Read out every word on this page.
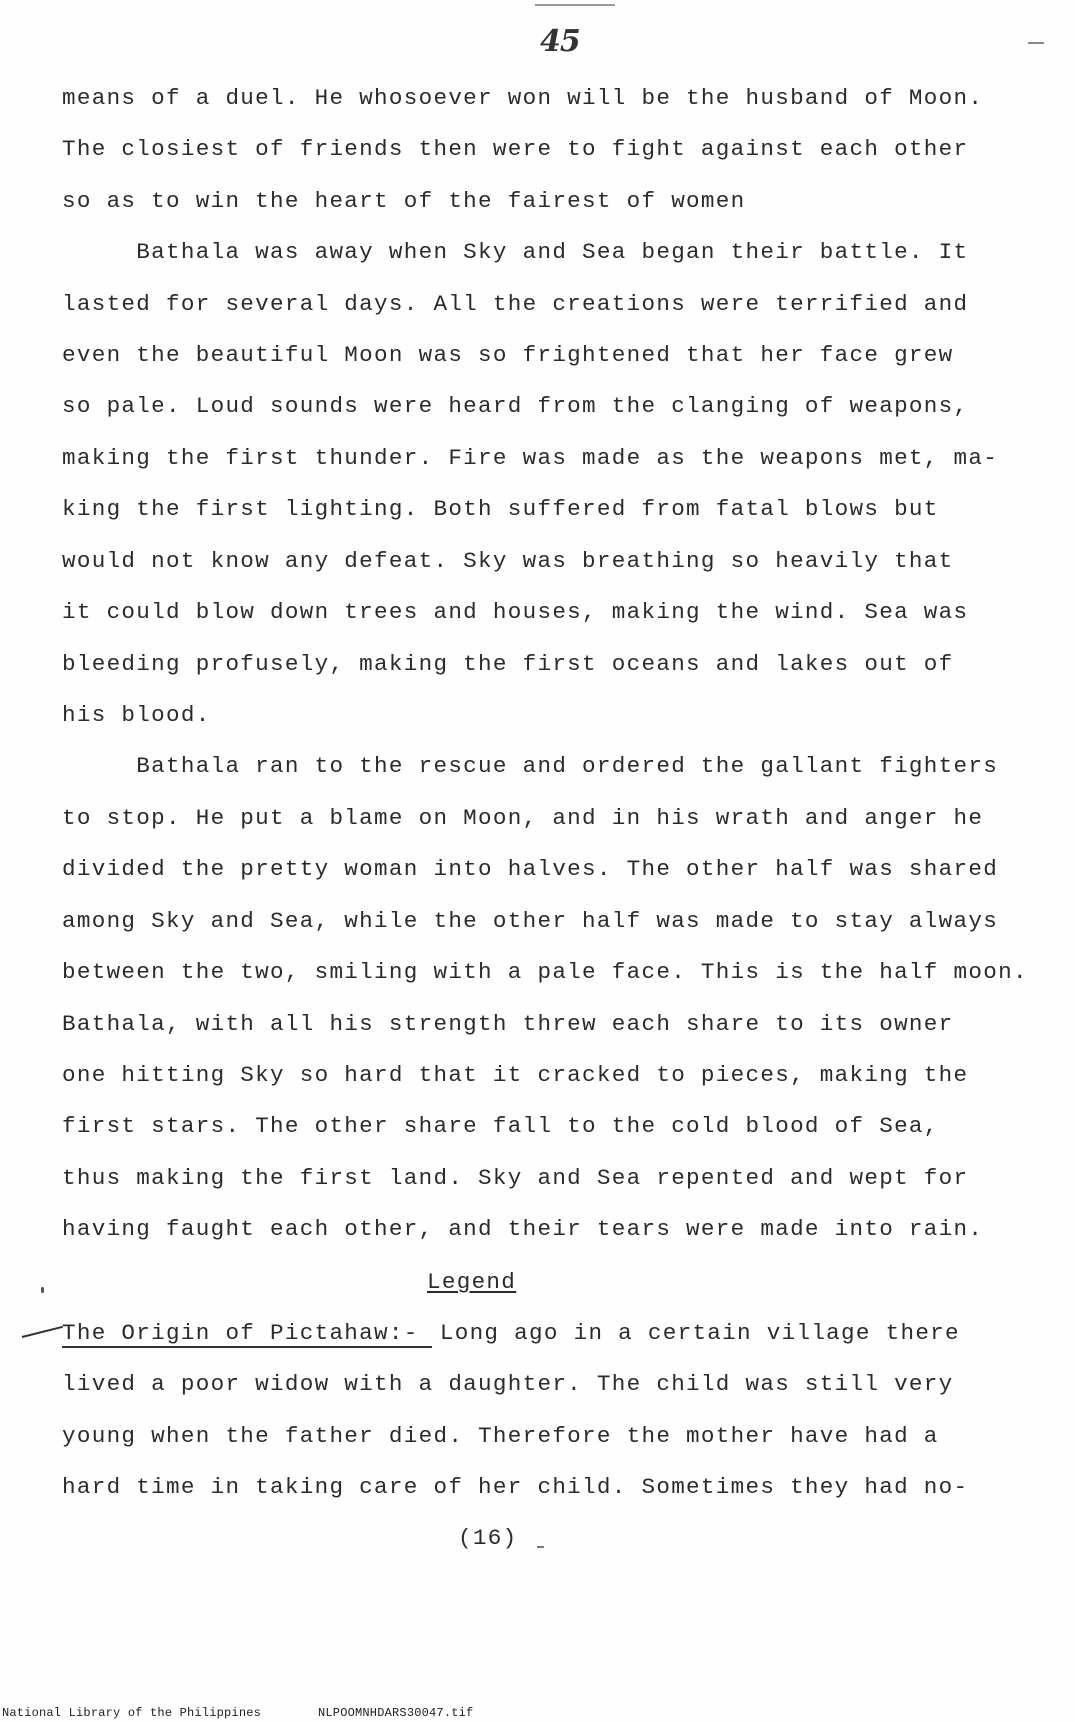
45
means of a duel. He whosoever won will be the husband of Moon.
The closiest of friends then were to fight against each other
so as to win the heart of the fairest of women
Bathala was away when Sky and Sea began their battle. It
lasted for several days. All the creations were terrified and
even the beautiful Moon was so frightened that her face grew
so pale. Loud sounds were heard from the clanging of weapons,
making the first thunder. Fire was made as the weapons met, ma-
king the first lighting. Both suffered from fatal blows but
would not know any defeat. Sky was breathing so heavily that
it could blow down trees and houses, making the wind. Sea was
bleeding profusely, making the first oceans and lakes out of
his blood.
Bathala ran to the rescue and ordered the gallant fighters
to stop. He put a blame on Moon, and in his wrath and anger he
divided the pretty woman into halves. The other half was shared
among Sky and Sea, while the other half was made to stay always
between the two, smiling with a pale face. This is the half moon.
Bathala, with all his strength threw each share to its owner
one hitting Sky so hard that it cracked to pieces, making the
first stars. The other share fall to the cold blood of Sea,
thus making the first land. Sky and Sea repented and wept for
having faught each other, and their tears were made into rain.
Legend
The Origin of Pictahaw:- Long ago in a certain village there
lived a poor widow with a daughter. The child was still very
young when the father died. Therefore the mother have had a
hard time in taking care of her child. Sometimes they had no-
(16)
National Library of the Philippines	NLPOOMNHDARS30047.tif
